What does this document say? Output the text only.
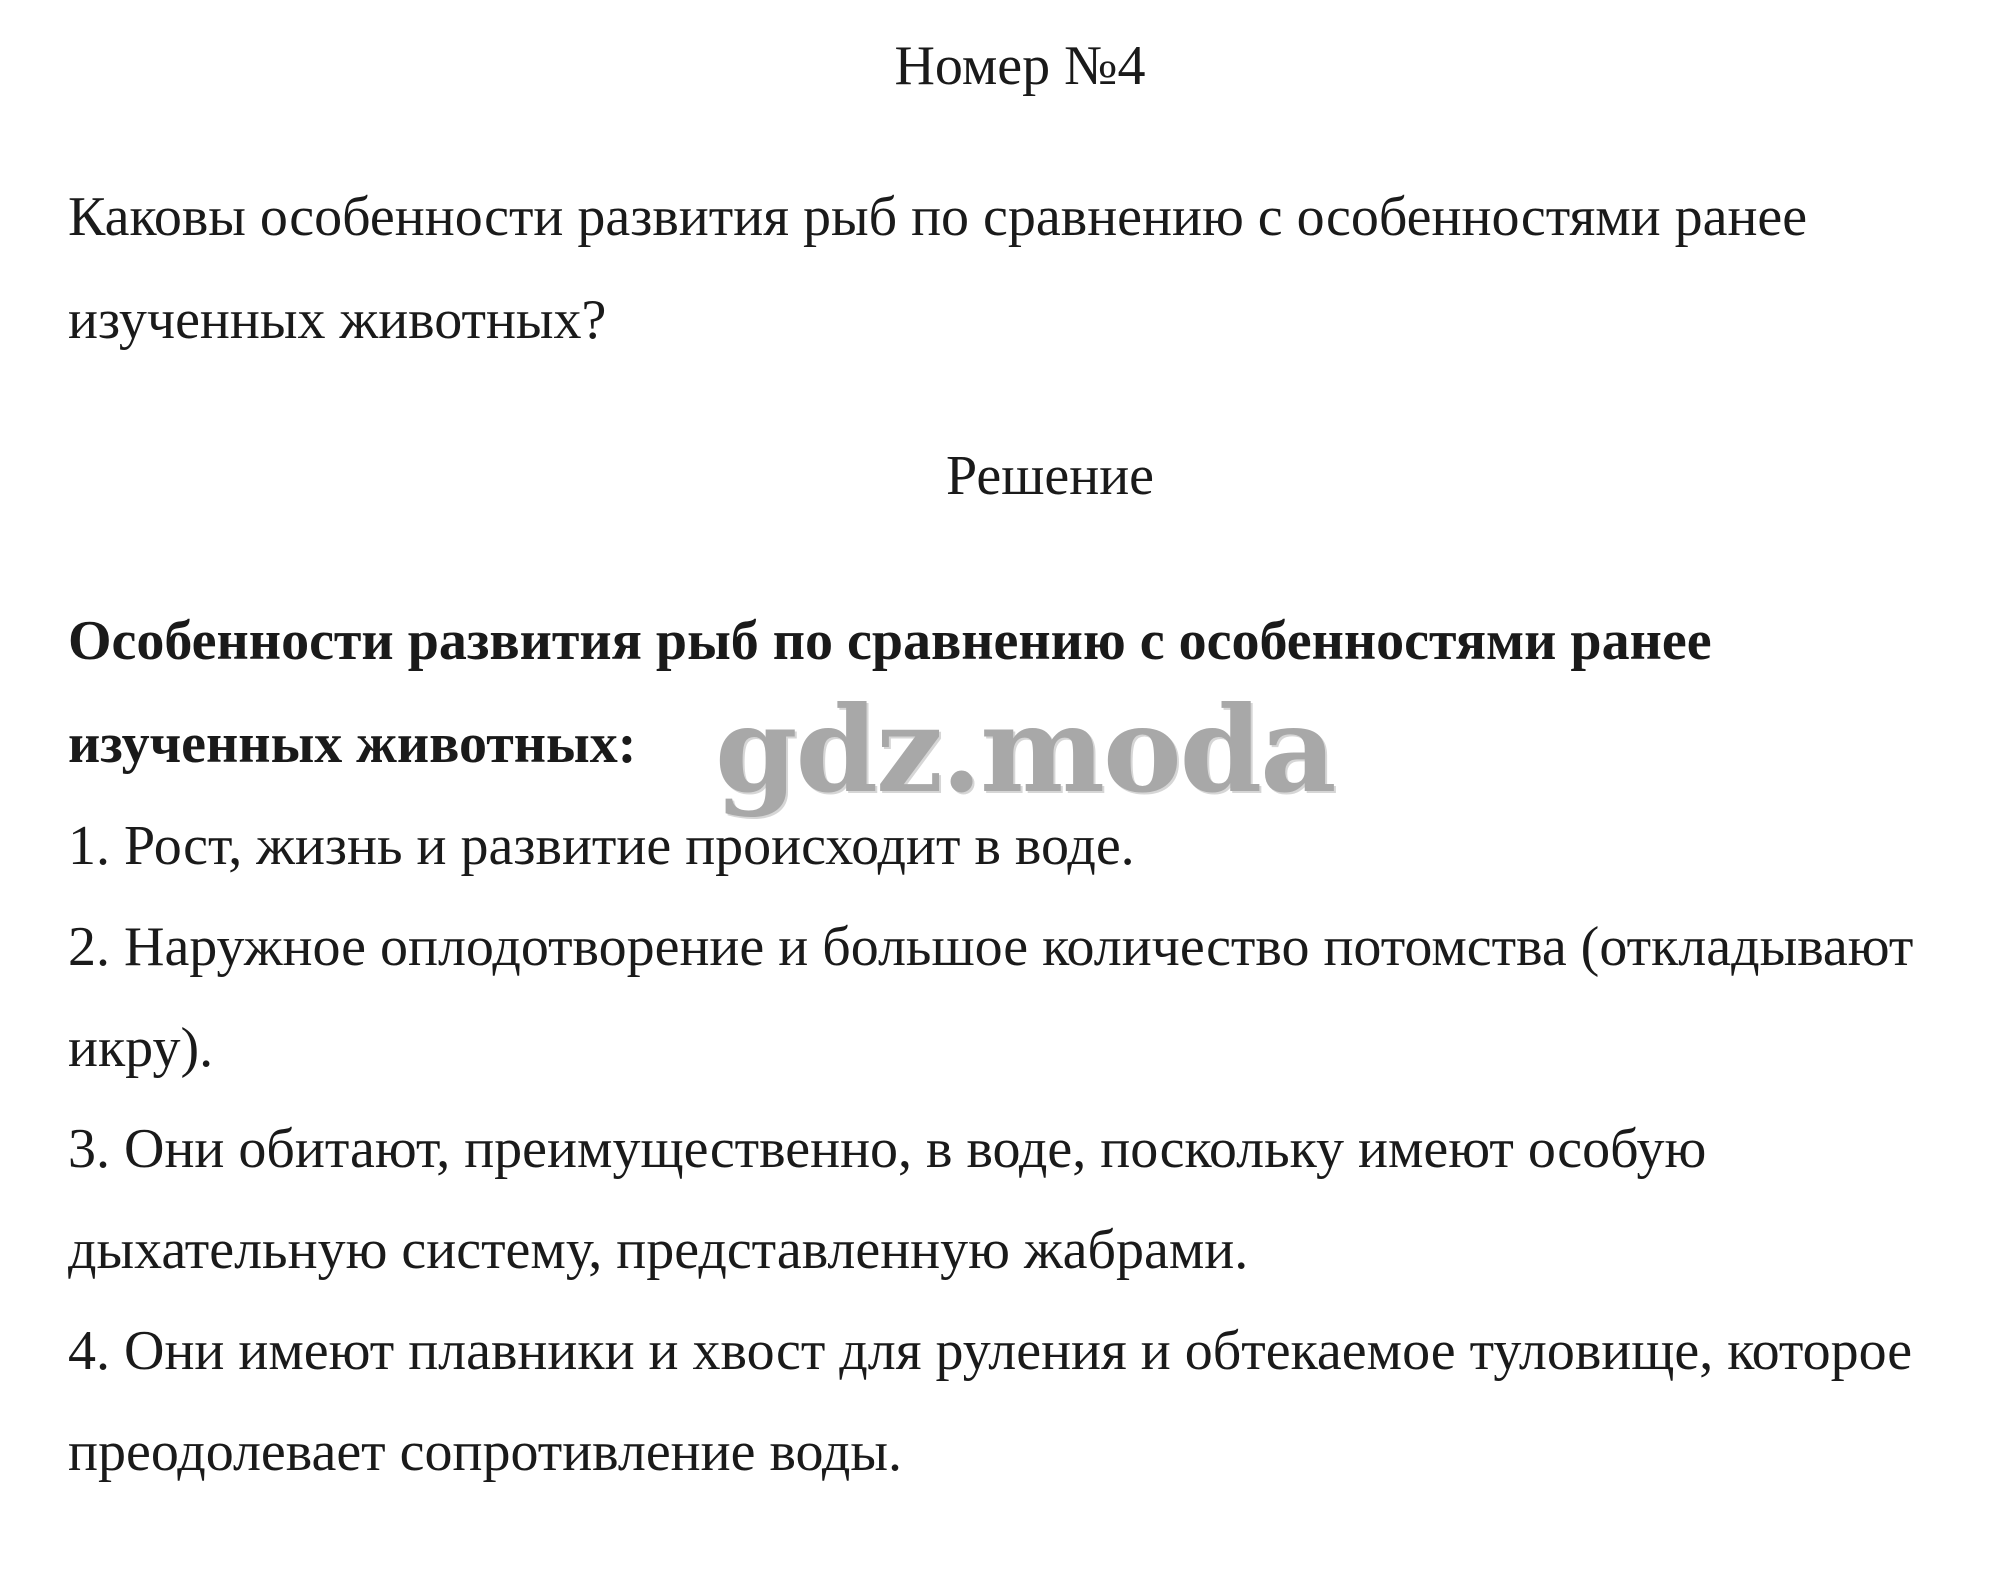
Номер №4

Каковы особенности развития рыб по сравнению с особенностями ранее изученных животных?

Решение

Особенности развития рыб по сравнению с особенностями ранее изученных животных:

1. Рост, жизнь и развитие происходит в воде.
2. Наружное оплодотворение и большое количество потомства (откладывают икру).
3. Они обитают, преимущественно, в воде, поскольку имеют особую дыхательную систему, представленную жабрами.
4. Они имеют плавники и хвост для руления и обтекаемое туловище, которое преодолевает сопротивление воды.
gdz.moda
